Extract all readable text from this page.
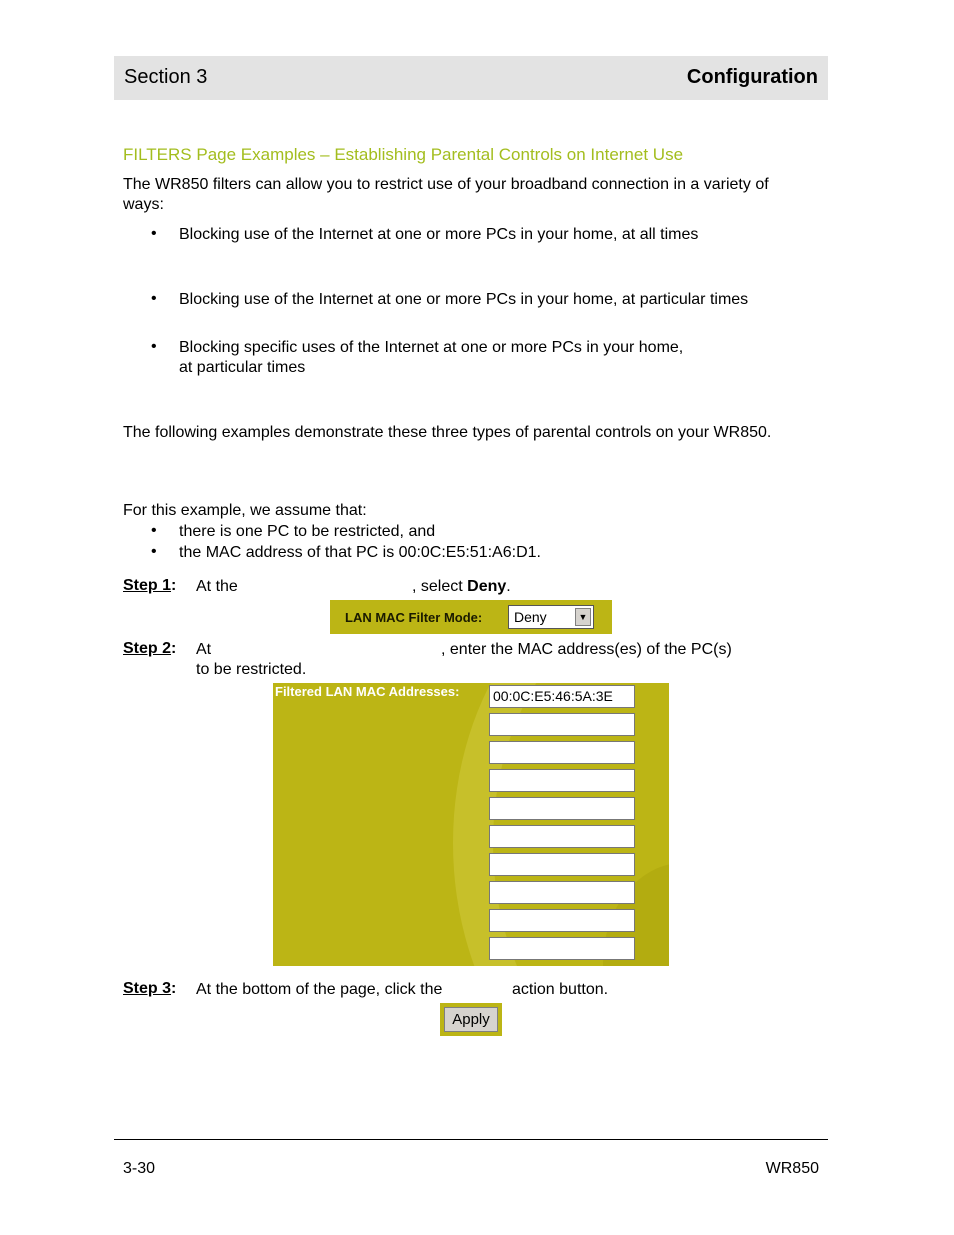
Section 3	Configuration
FILTERS Page Examples – Establishing Parental Controls on Internet Use
The WR850 filters can allow you to restrict use of your broadband connection in a variety of
ways:
• Blocking use of the Internet at one or more PCs in your home, at all times
• Blocking use of the Internet at one or more PCs in your home, at particular times
• Blocking specific uses of the Internet at one or more PCs in your home,
at particular times
The following examples demonstrate these three types of parental controls on your WR850.
For this example, we assume that:
• there is one PC to be restricted, and
• the MAC address of that PC is 00:0C:E5:51:A6:D1.
Step 1: At the	, select Deny.
LAN MAC Filter Mode: Deny	▼
Step 2: At	, enter the MAC address(es) of the PC(s)
to be restricted.
Filtered LAN MAC Addresses: 00:0C:E5:46:5A:3E
Step 3: At the bottom of the page, click the	action button.
Apply
3-30	WR850
